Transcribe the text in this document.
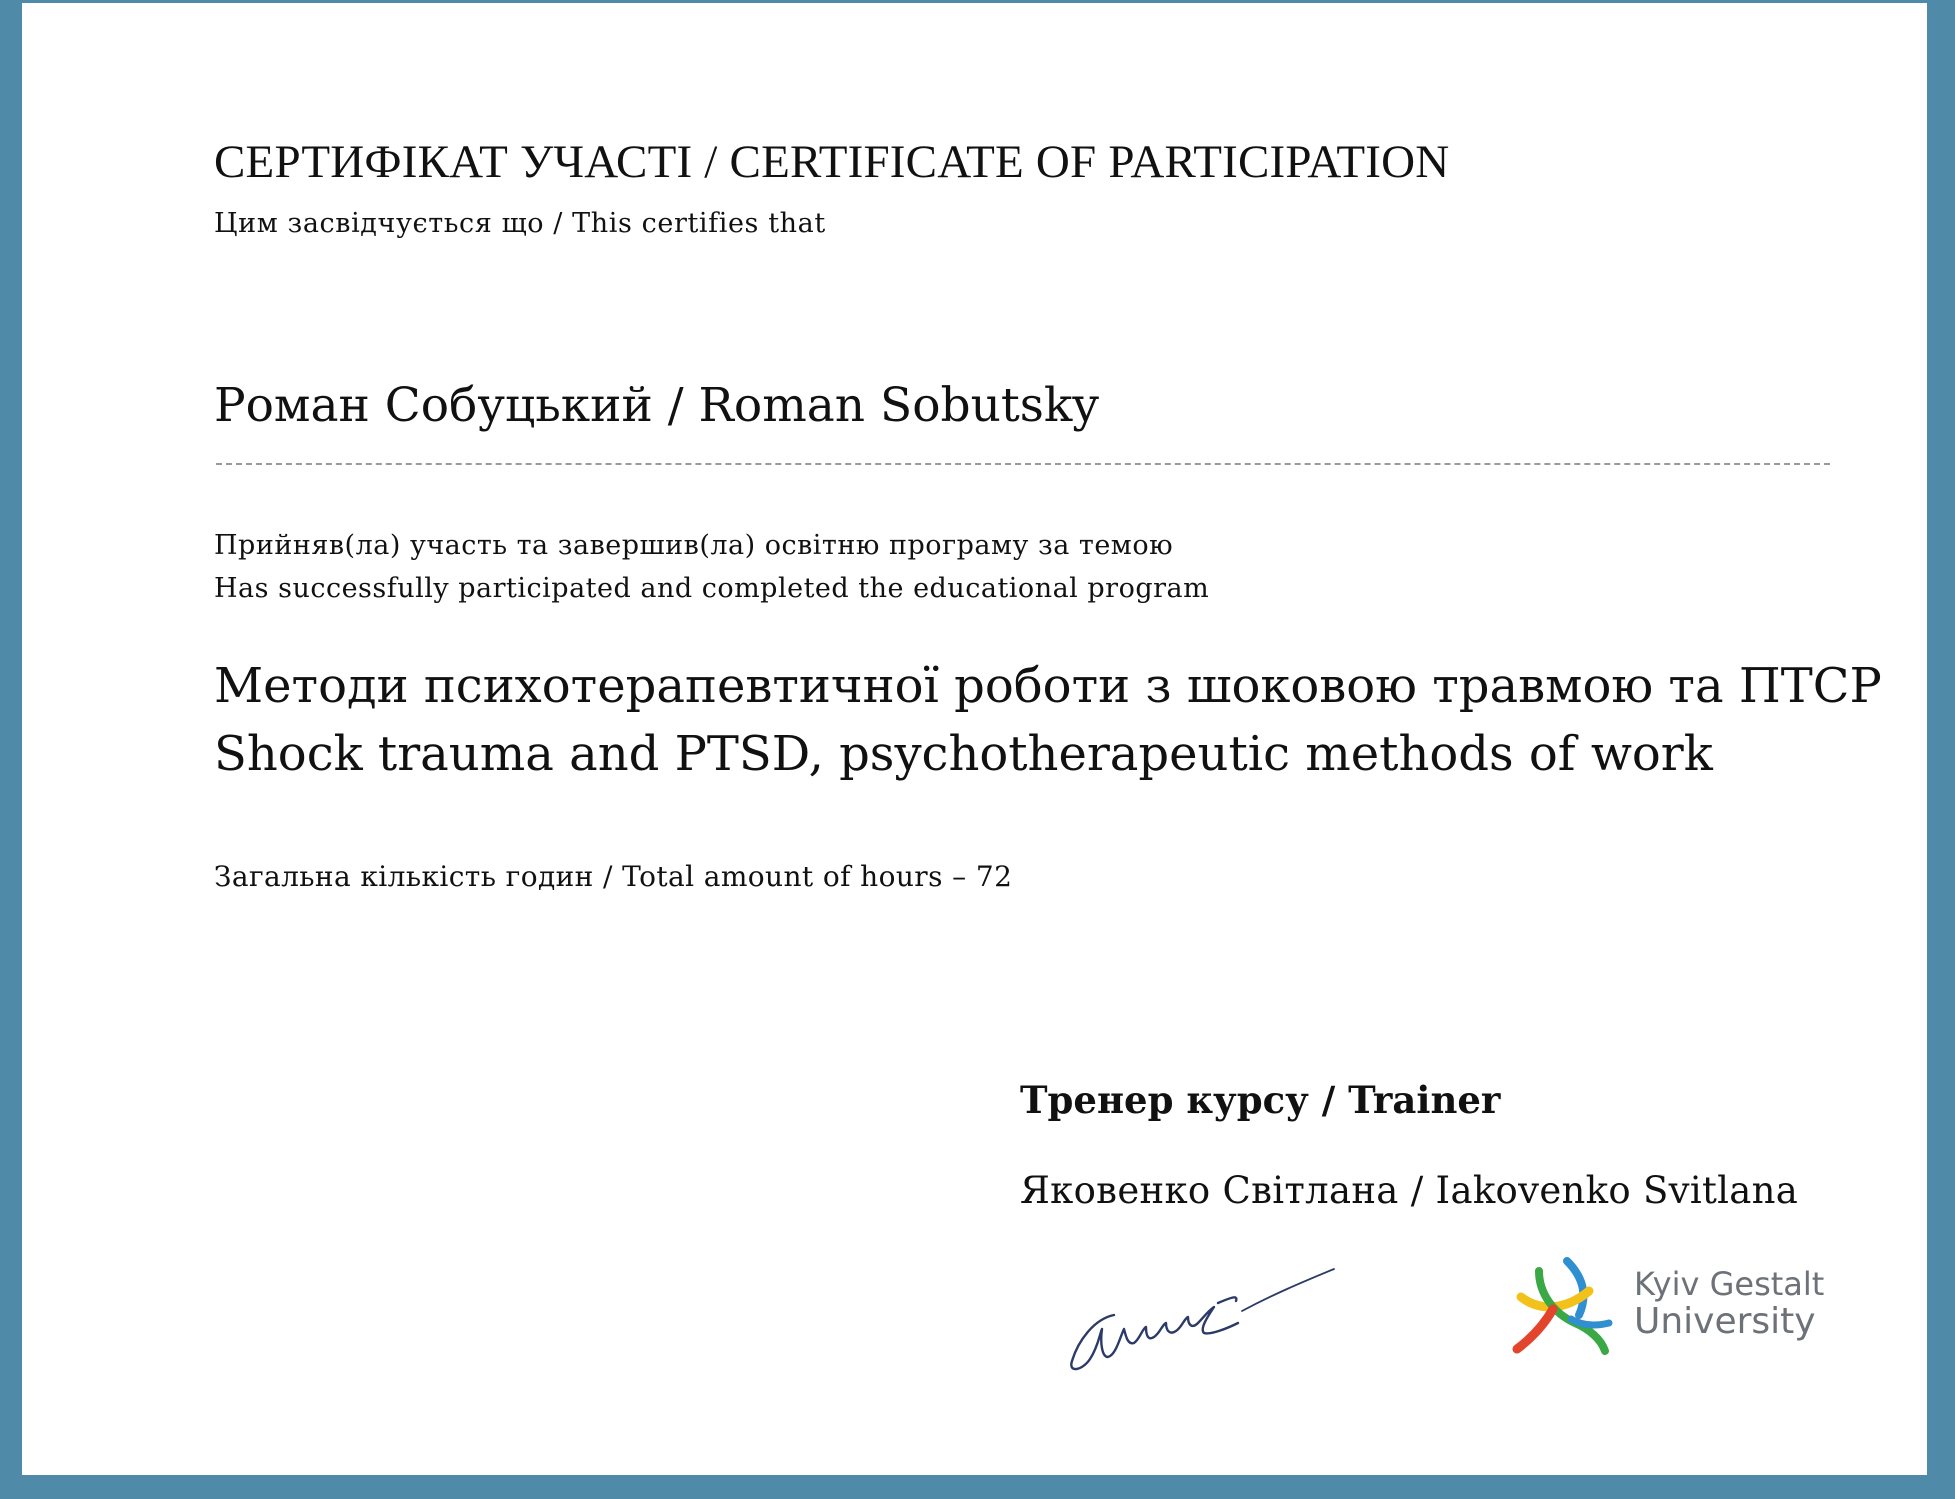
СЕРТИФІКАТ УЧАСТІ / CERTIFICATE OF PARTICIPATION
Цим засвідчується що / This certifies that
Роман Собуцький / Roman Sobutsky
Прийняв(ла) участь та завершив(ла) освітню програму за темою
Has successfully participated and completed the educational program
Методи психотерапевтичної роботи з шоковою травмою та ПТСР
Shock trauma and PTSD, psychotherapeutic methods of work
Загальна кількість годин / Total amount of hours – 72
Тренер курсу / Trainer
Яковенко Світлана / Iakovenko Svitlana
Kyiv Gestalt
University
